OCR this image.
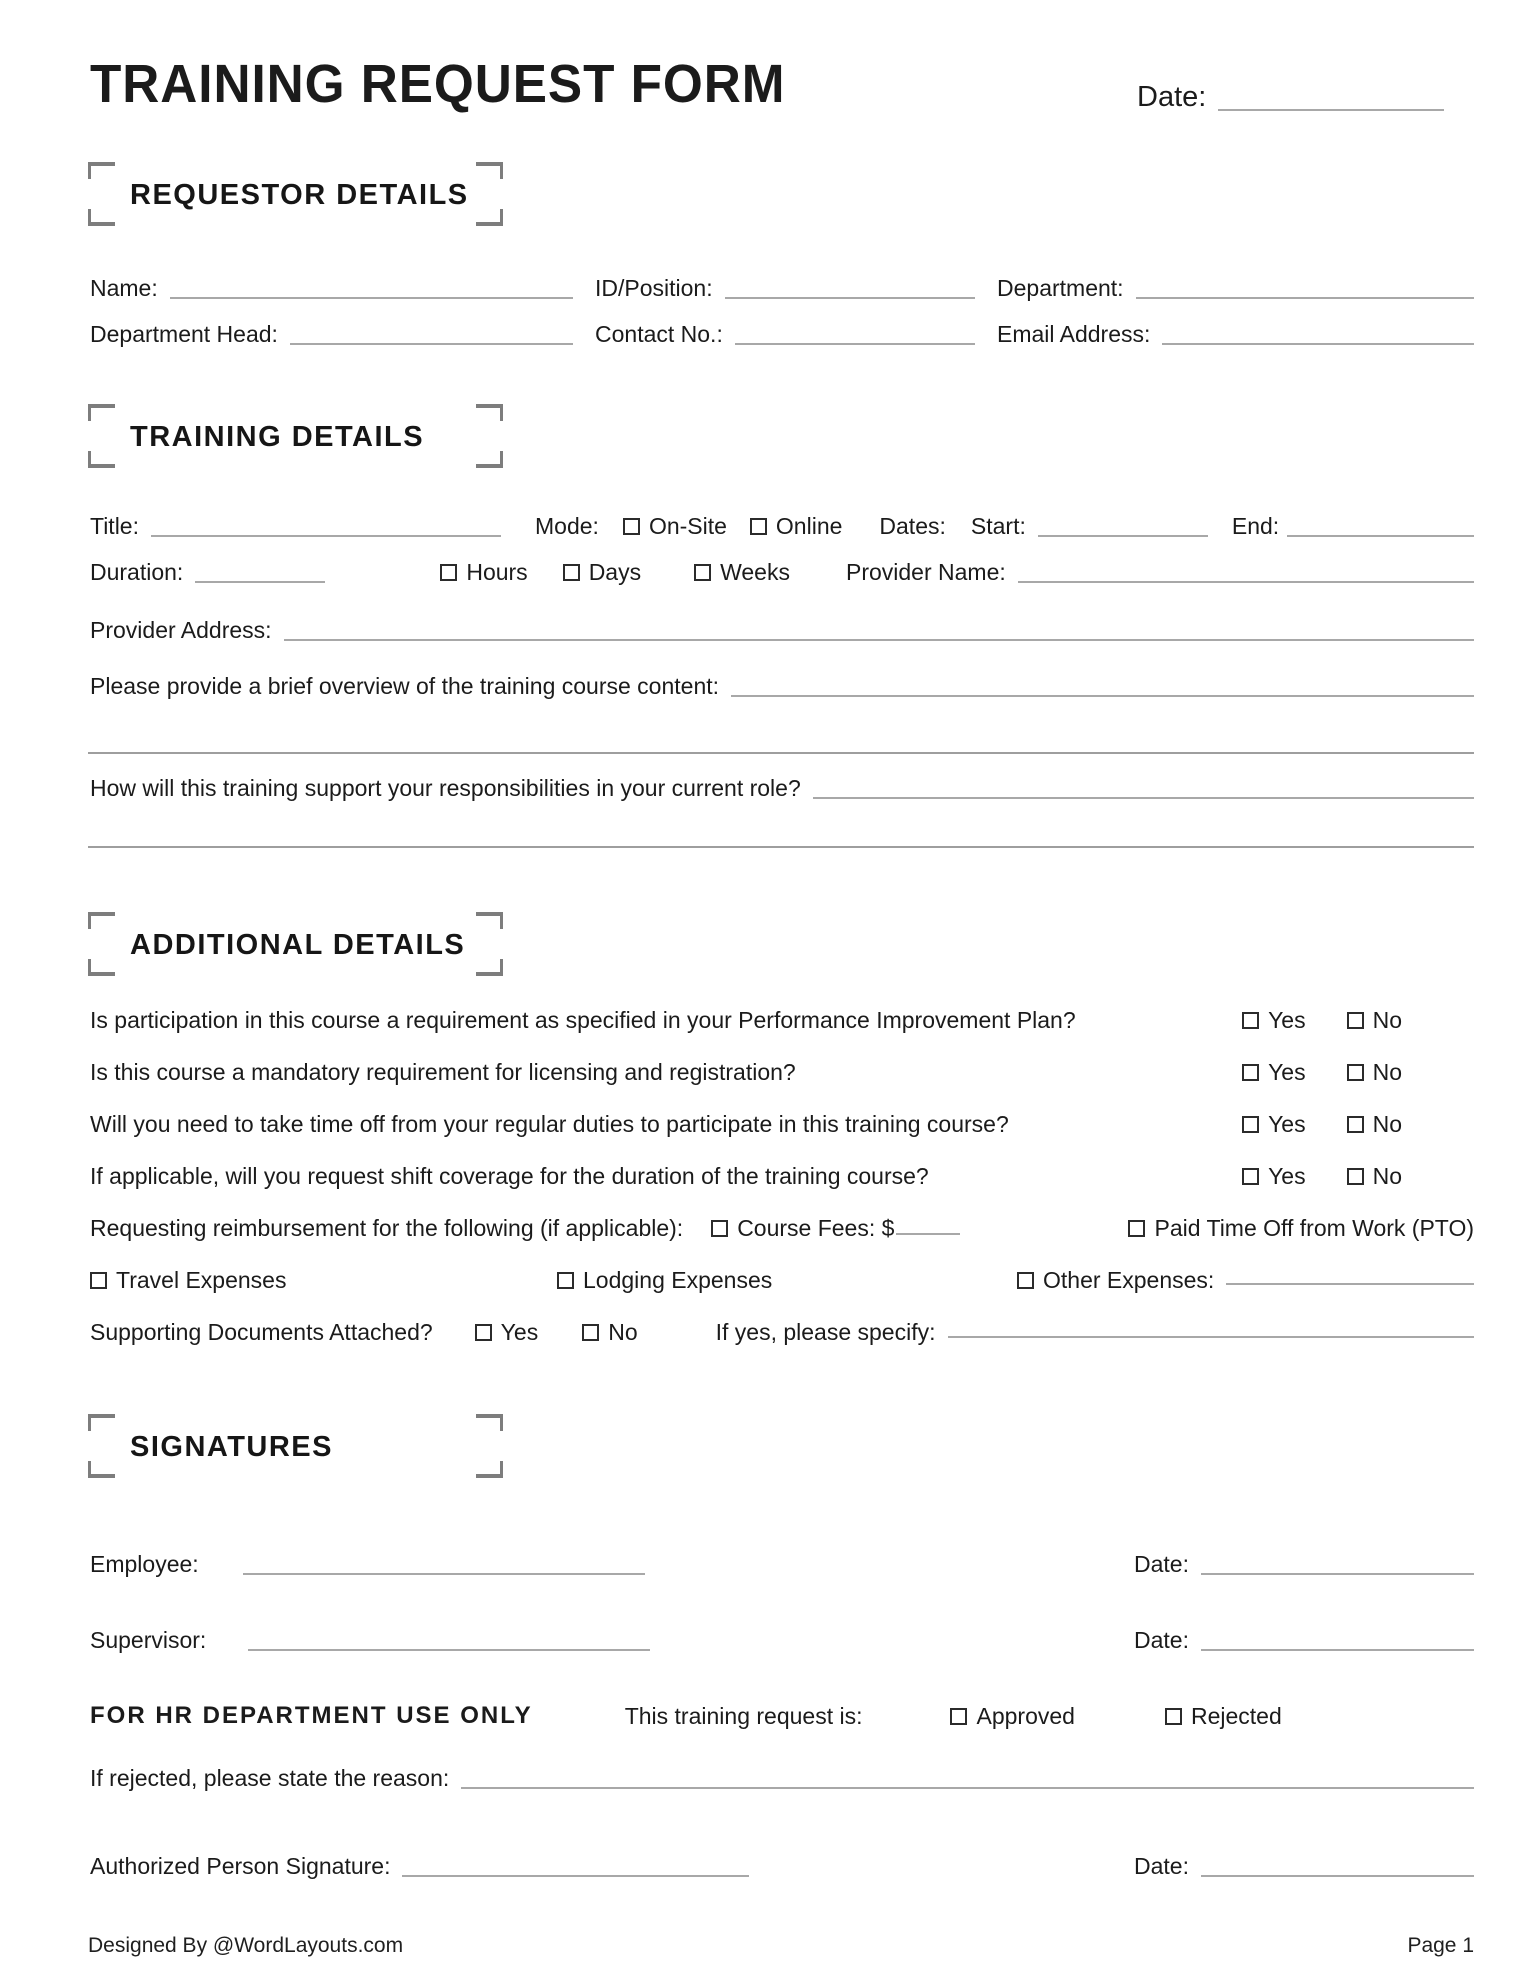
TRAINING REQUEST FORM	Date:
REQUESTOR DETAILS
Name:	ID/Position:	Department:
Department Head:	Contact No.:	Email Address:
TRAINING DETAILS
Title:	Mode: On-Site Online Dates: Start:	End:
Duration:	Hours	Days	Weeks Provider Name:
Provider Address:
Please provide a brief overview of the training course content:
How will this training support your responsibilities in your current role?
ADDITIONAL DETAILS
Is participation in this course a requirement as specified in your Performance Improvement Plan?	Yes	No
Is this course a mandatory requirement for licensing and registration?	Yes	No
Will you need to take time off from your regular duties to participate in this training course?	Yes	No
If applicable, will you request shift coverage for the duration of the training course?	Yes	No
Requesting reimbursement for the following (if applicable): Course Fees: $	Paid Time Off from Work (PTO)
Travel Expenses	Lodging Expenses	Other Expenses:
Supporting Documents Attached?	Yes	No	If yes, please specify:
SIGNATURES
Employee:	Date:
Supervisor:	Date:
FOR HR DEPARTMENT USE ONLY	This training request is:	Approved	Rejected
If rejected, please state the reason:
Authorized Person Signature:	Date:
Designed By @WordLayouts.com	Page 1
